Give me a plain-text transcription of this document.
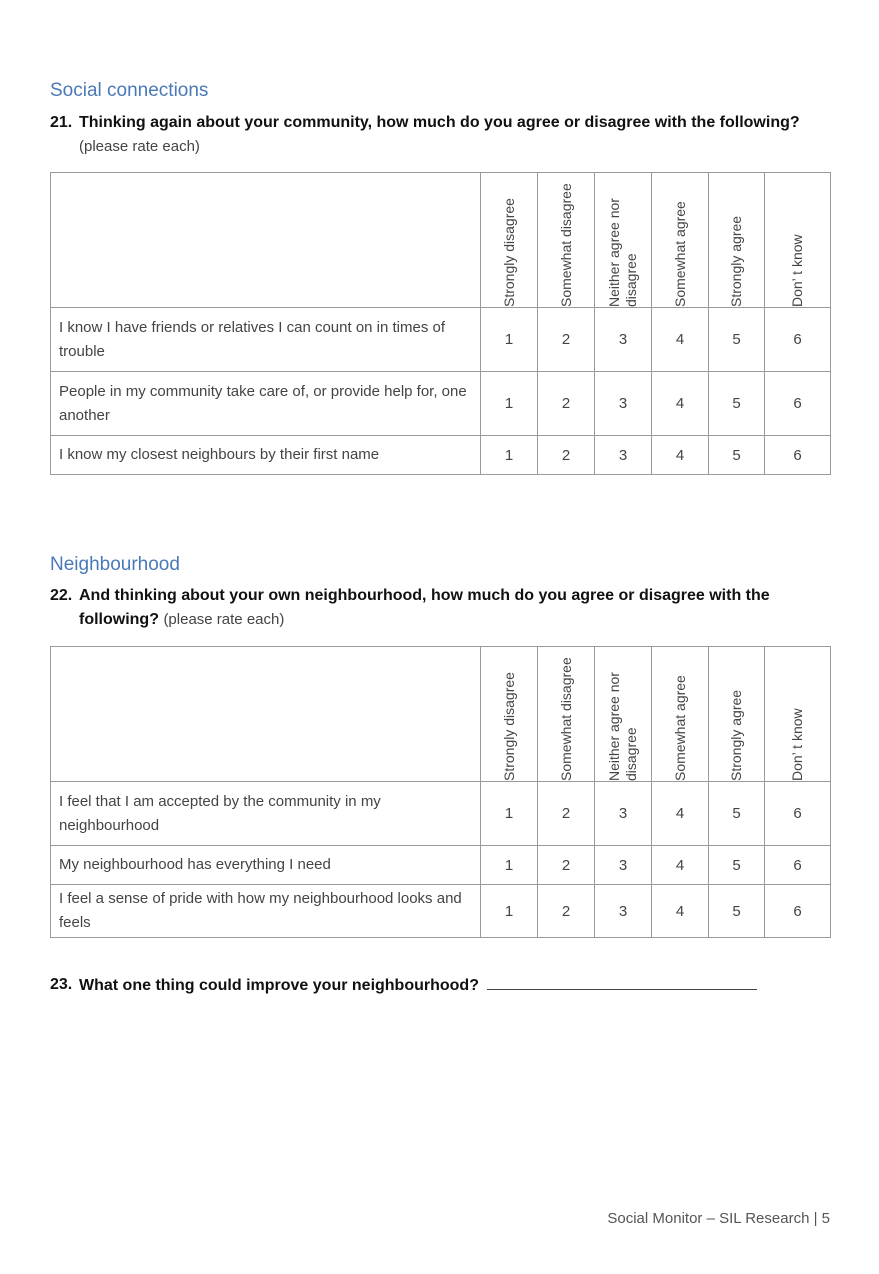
Social connections
21. Thinking again about your community, how much do you agree or disagree with the following?
(please rate each)

	Strongly disagree	Somewhat disagree	Neither agree nor disagree	Somewhat agree	Strongly agree	Don’ t know

I know I have friends or relatives I can count on in times of trouble	1	2	3	4	5	6
People in my community take care of, or provide help for, one another	1	2	3	4	5	6
I know my closest neighbours by their first name	1	2	3	4	5	6
Neighbourhood
22. And thinking about your own neighbourhood, how much do you agree or disagree with the following? (please rate each)

	Strongly disagree	Somewhat disagree	Neither agree nor disagree	Somewhat agree	Strongly agree	Don’ t know

I feel that I am accepted by the community in my neighbourhood	1	2	3	4	5	6
My neighbourhood has everything I need	1	2	3	4	5	6
I feel a sense of pride with how my neighbourhood looks and feels	1	2	3	4	5	6
23. What one thing could improve your neighbourhood?
Social Monitor – SIL Research | 5
